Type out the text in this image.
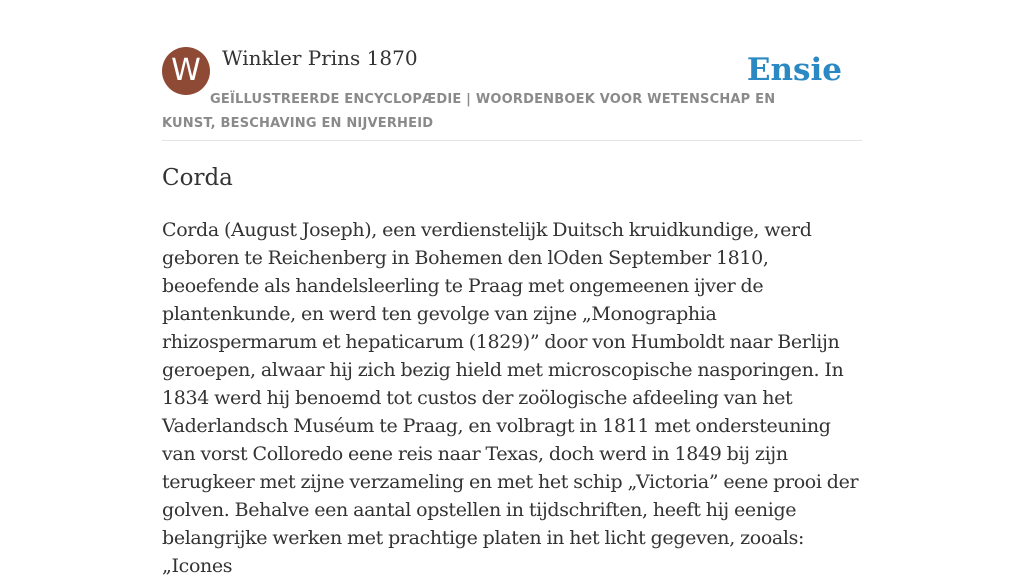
W	Winkler Prins 1870	Ensie
GEÏLLUSTREERDE ENCYCLOPÆDIE | WOORDENBOEK VOOR WETENSCHAP EN KUNST, BESCHAVING EN NIJVERHEID
Corda

Corda (August Joseph), een verdienstelijk Duitsch kruidkundige, werd geboren te Reichenberg in Bohemen den lOden September 1810, beoefende als handelsleerling te Praag met ongemeenen ijver de plantenkunde, en werd ten gevolge van zijne „Monographia rhizospermarum et hepaticarum (1829)” door von Humboldt naar Berlijn geroepen, alwaar hij zich bezig hield met microscopische nasporingen. In 1834 werd hij benoemd tot custos der zoölogische afdeeling van het Vaderlandsch Muséum te Praag, en volbragt in 1811 met ondersteuning van vorst Colloredo eene reis naar Texas, doch werd in 1849 bij zijn terugkeer met zijne verzameling en met het schip „Victoria” eene prooi der golven. Behalve een aantal opstellen in tijdschriften, heeft hij eenige belangrijke werken met prachtige platen in het licht gegeven, zooals: „Icones
